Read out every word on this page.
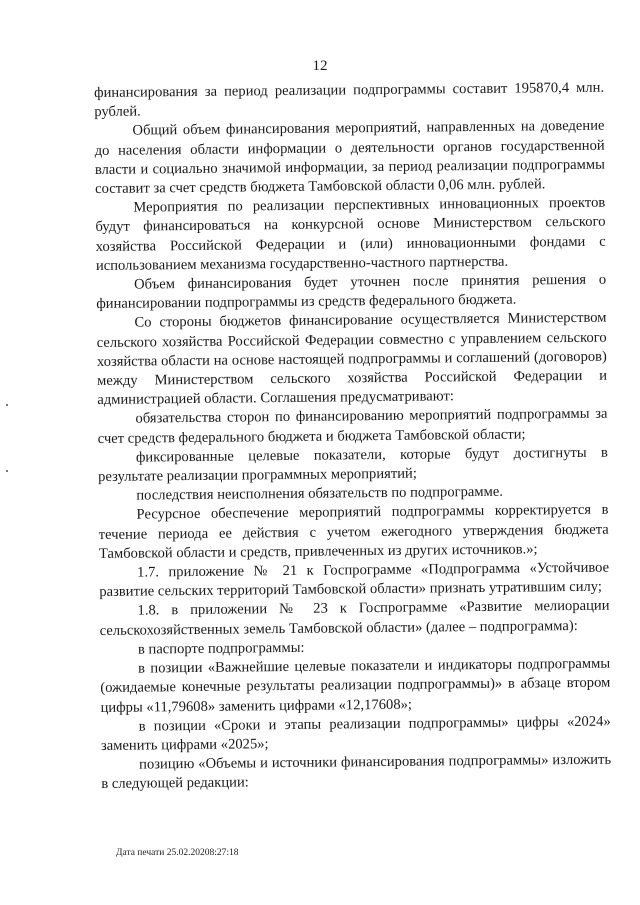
12

финансирования за период реализации подпрограммы составит 195870,4 млн. рублей.

Общий объем финансирования мероприятий, направленных на доведение до населения области информации о деятельности органов государственной власти и социально значимой информации, за период реализации подпрограммы составит за счет средств бюджета Тамбовской области 0,06 млн. рублей.

Мероприятия по реализации перспективных инновационных проектов будут финансироваться на конкурсной основе Министерством сельского хозяйства Российской Федерации и (или) инновационными фондами с использованием механизма государственно-частного партнерства.

Объем финансирования будет уточнен после принятия решения о финансировании подпрограммы из средств федерального бюджета.

Со стороны бюджетов финансирование осуществляется Министерством сельского хозяйства Российской Федерации совместно с управлением сельского хозяйства области на основе настоящей подпрограммы и соглашений (договоров) между Министерством сельского хозяйства Российской Федерации и администрацией области. Соглашения предусматривают:

обязательства сторон по финансированию мероприятий подпрограммы за счет средств федерального бюджета и бюджета Тамбовской области;

фиксированные целевые показатели, которые будут достигнуты в результате реализации программных мероприятий;

последствия неисполнения обязательств по подпрограмме.

Ресурсное обеспечение мероприятий подпрограммы корректируется в течение периода ее действия с учетом ежегодного утверждения бюджета Тамбовской области и средств, привлеченных из других источников.»;

1.7. приложение № 21 к Госпрограмме «Подпрограмма «Устойчивое развитие сельских территорий Тамбовской области» признать утратившим силу;

1.8. в приложении № 23 к Госпрограмме «Развитие мелиорации сельскохозяйственных земель Тамбовской области» (далее – подпрограмма):

в паспорте подпрограммы:

в позиции «Важнейшие целевые показатели и индикаторы подпрограммы (ожидаемые конечные результаты реализации подпрограммы)» в абзаце втором цифры «11,79608» заменить цифрами «12,17608»;

в позиции «Сроки и этапы реализации подпрограммы» цифры «2024» заменить цифрами «2025»;

позицию «Объемы и источники финансирования подпрограммы» изложить в следующей редакции:

Дата печати 25.02.20208:27:18
